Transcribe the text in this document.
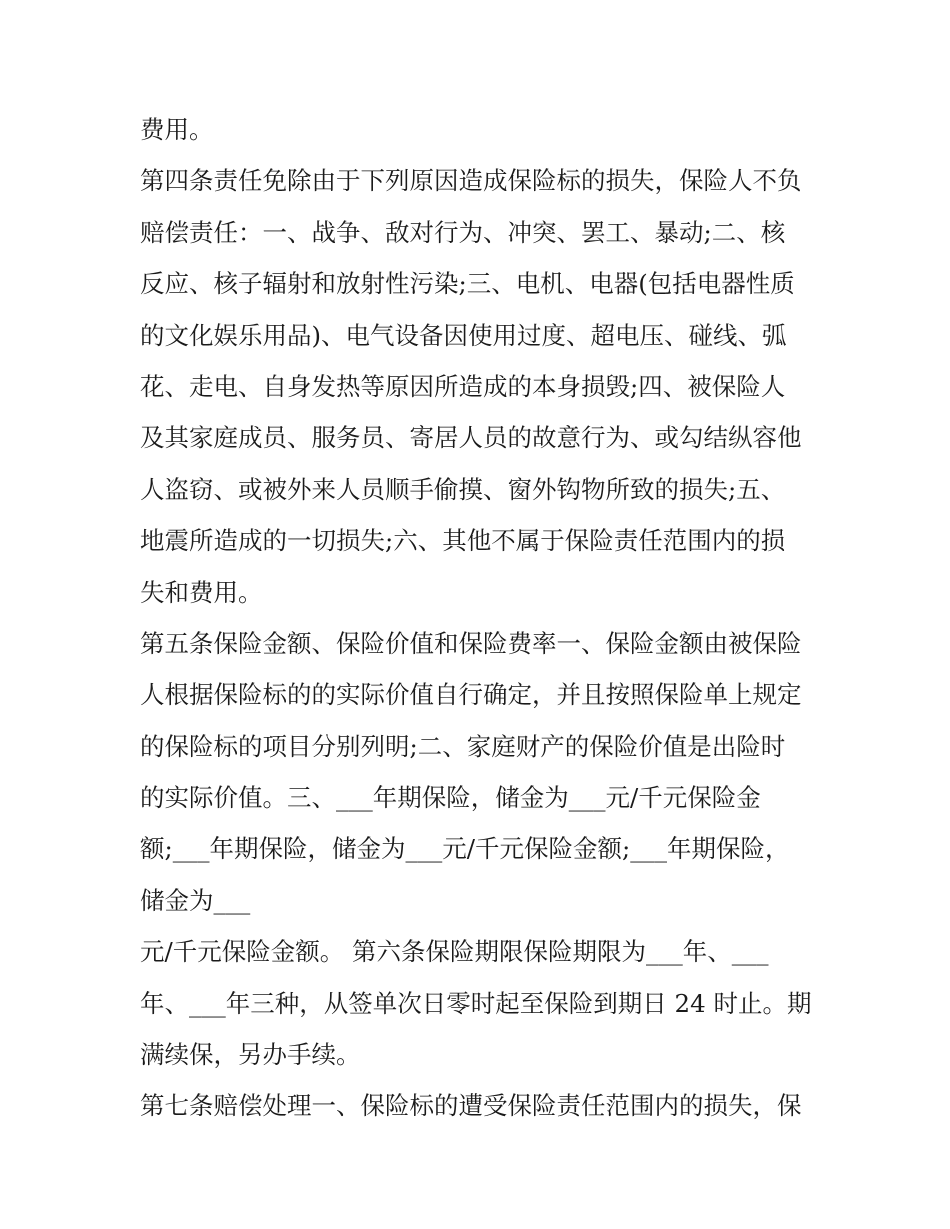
费用。
第四条责任免除由于下列原因造成保险标的损失，保险人不负
赔偿责任：一、战争、敌对行为、冲突、罢工、暴动;二、核
反应、核子辐射和放射性污染;三、电机、电器(包括电器性质
的文化娱乐用品)、电气设备因使用过度、超电压、碰线、弧
花、走电、自身发热等原因所造成的本身损毁;四、被保险人
及其家庭成员、服务员、寄居人员的故意行为、或勾结纵容他
人盗窃、或被外来人员顺手偷摸、窗外钩物所致的损失;五、
地震所造成的一切损失;六、其他不属于保险责任范围内的损
失和费用。
第五条保险金额、保险价值和保险费率一、保险金额由被保险
人根据保险标的的实际价值自行确定，并且按照保险单上规定
的保险标的项目分别列明;二、家庭财产的保险价值是出险时
的实际价值。三、___年期保险，储金为___元/千元保险金
额;___年期保险，储金为___元/千元保险金额;___年期保险，
储金为___
元/千元保险金额。 第六条保险期限保险期限为___年、___
年、___年三种，从签单次日零时起至保险到期日 24 时止。期
满续保，另办手续。
第七条赔偿处理一、保险标的遭受保险责任范围内的损失，保
